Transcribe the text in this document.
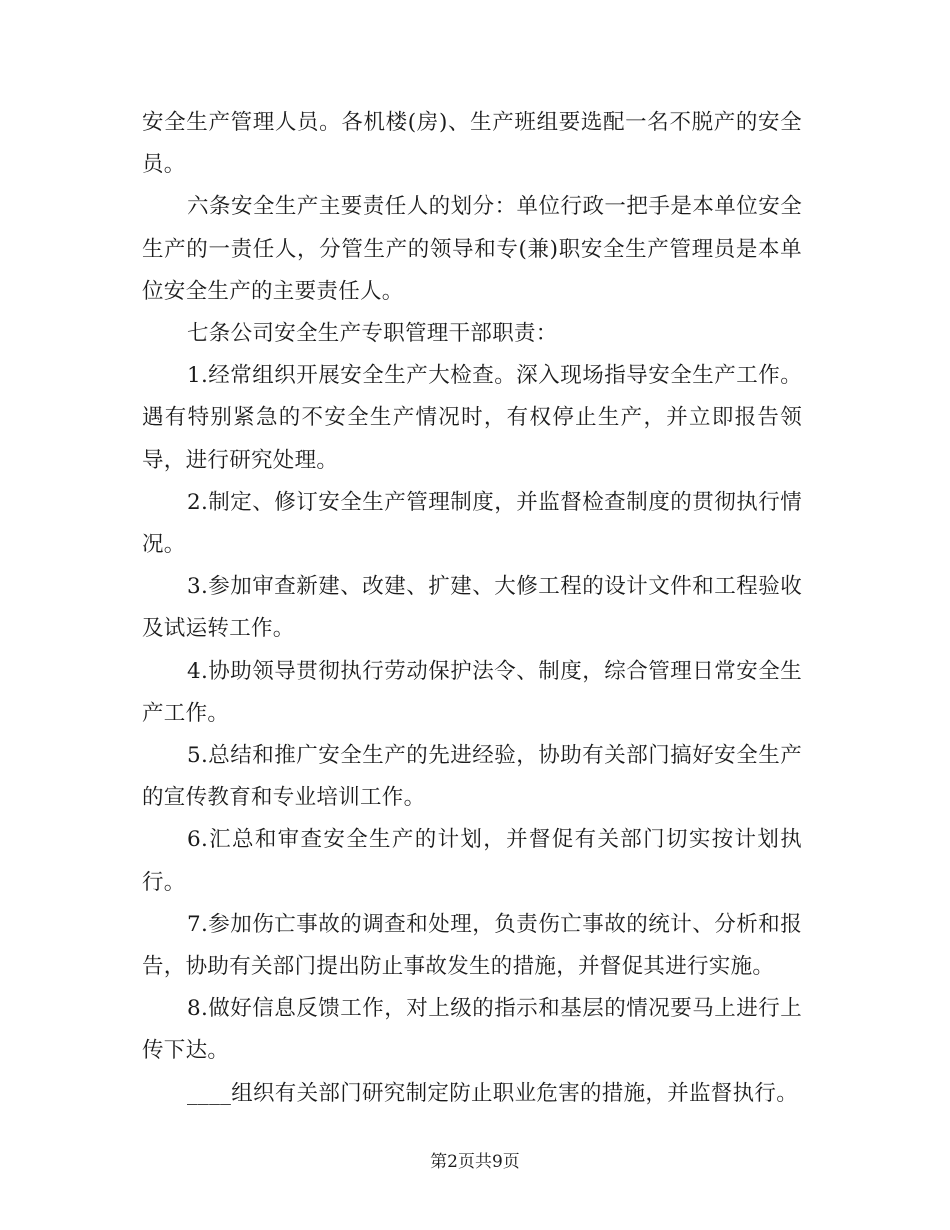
安全生产管理人员。各机楼(房)、生产班组要选配一名不脱产的安全员。

六条安全生产主要责任人的划分：单位行政一把手是本单位安全生产的一责任人，分管生产的领导和专(兼)职安全生产管理员是本单位安全生产的主要责任人。

七条公司安全生产专职管理干部职责：

1.经常组织开展安全生产大检查。深入现场指导安全生产工作。遇有特别紧急的不安全生产情况时，有权停止生产，并立即报告领导，进行研究处理。

2.制定、修订安全生产管理制度，并监督检查制度的贯彻执行情况。

3.参加审查新建、改建、扩建、大修工程的设计文件和工程验收及试运转工作。

4.协助领导贯彻执行劳动保护法令、制度，综合管理日常安全生产工作。

5.总结和推广安全生产的先进经验，协助有关部门搞好安全生产的宣传教育和专业培训工作。

6.汇总和审查安全生产的计划，并督促有关部门切实按计划执行。

7.参加伤亡事故的调查和处理，负责伤亡事故的统计、分析和报告，协助有关部门提出防止事故发生的措施，并督促其进行实施。

8.做好信息反馈工作，对上级的指示和基层的情况要马上进行上传下达。

____组织有关部门研究制定防止职业危害的措施，并监督执行。

第2页共9页
